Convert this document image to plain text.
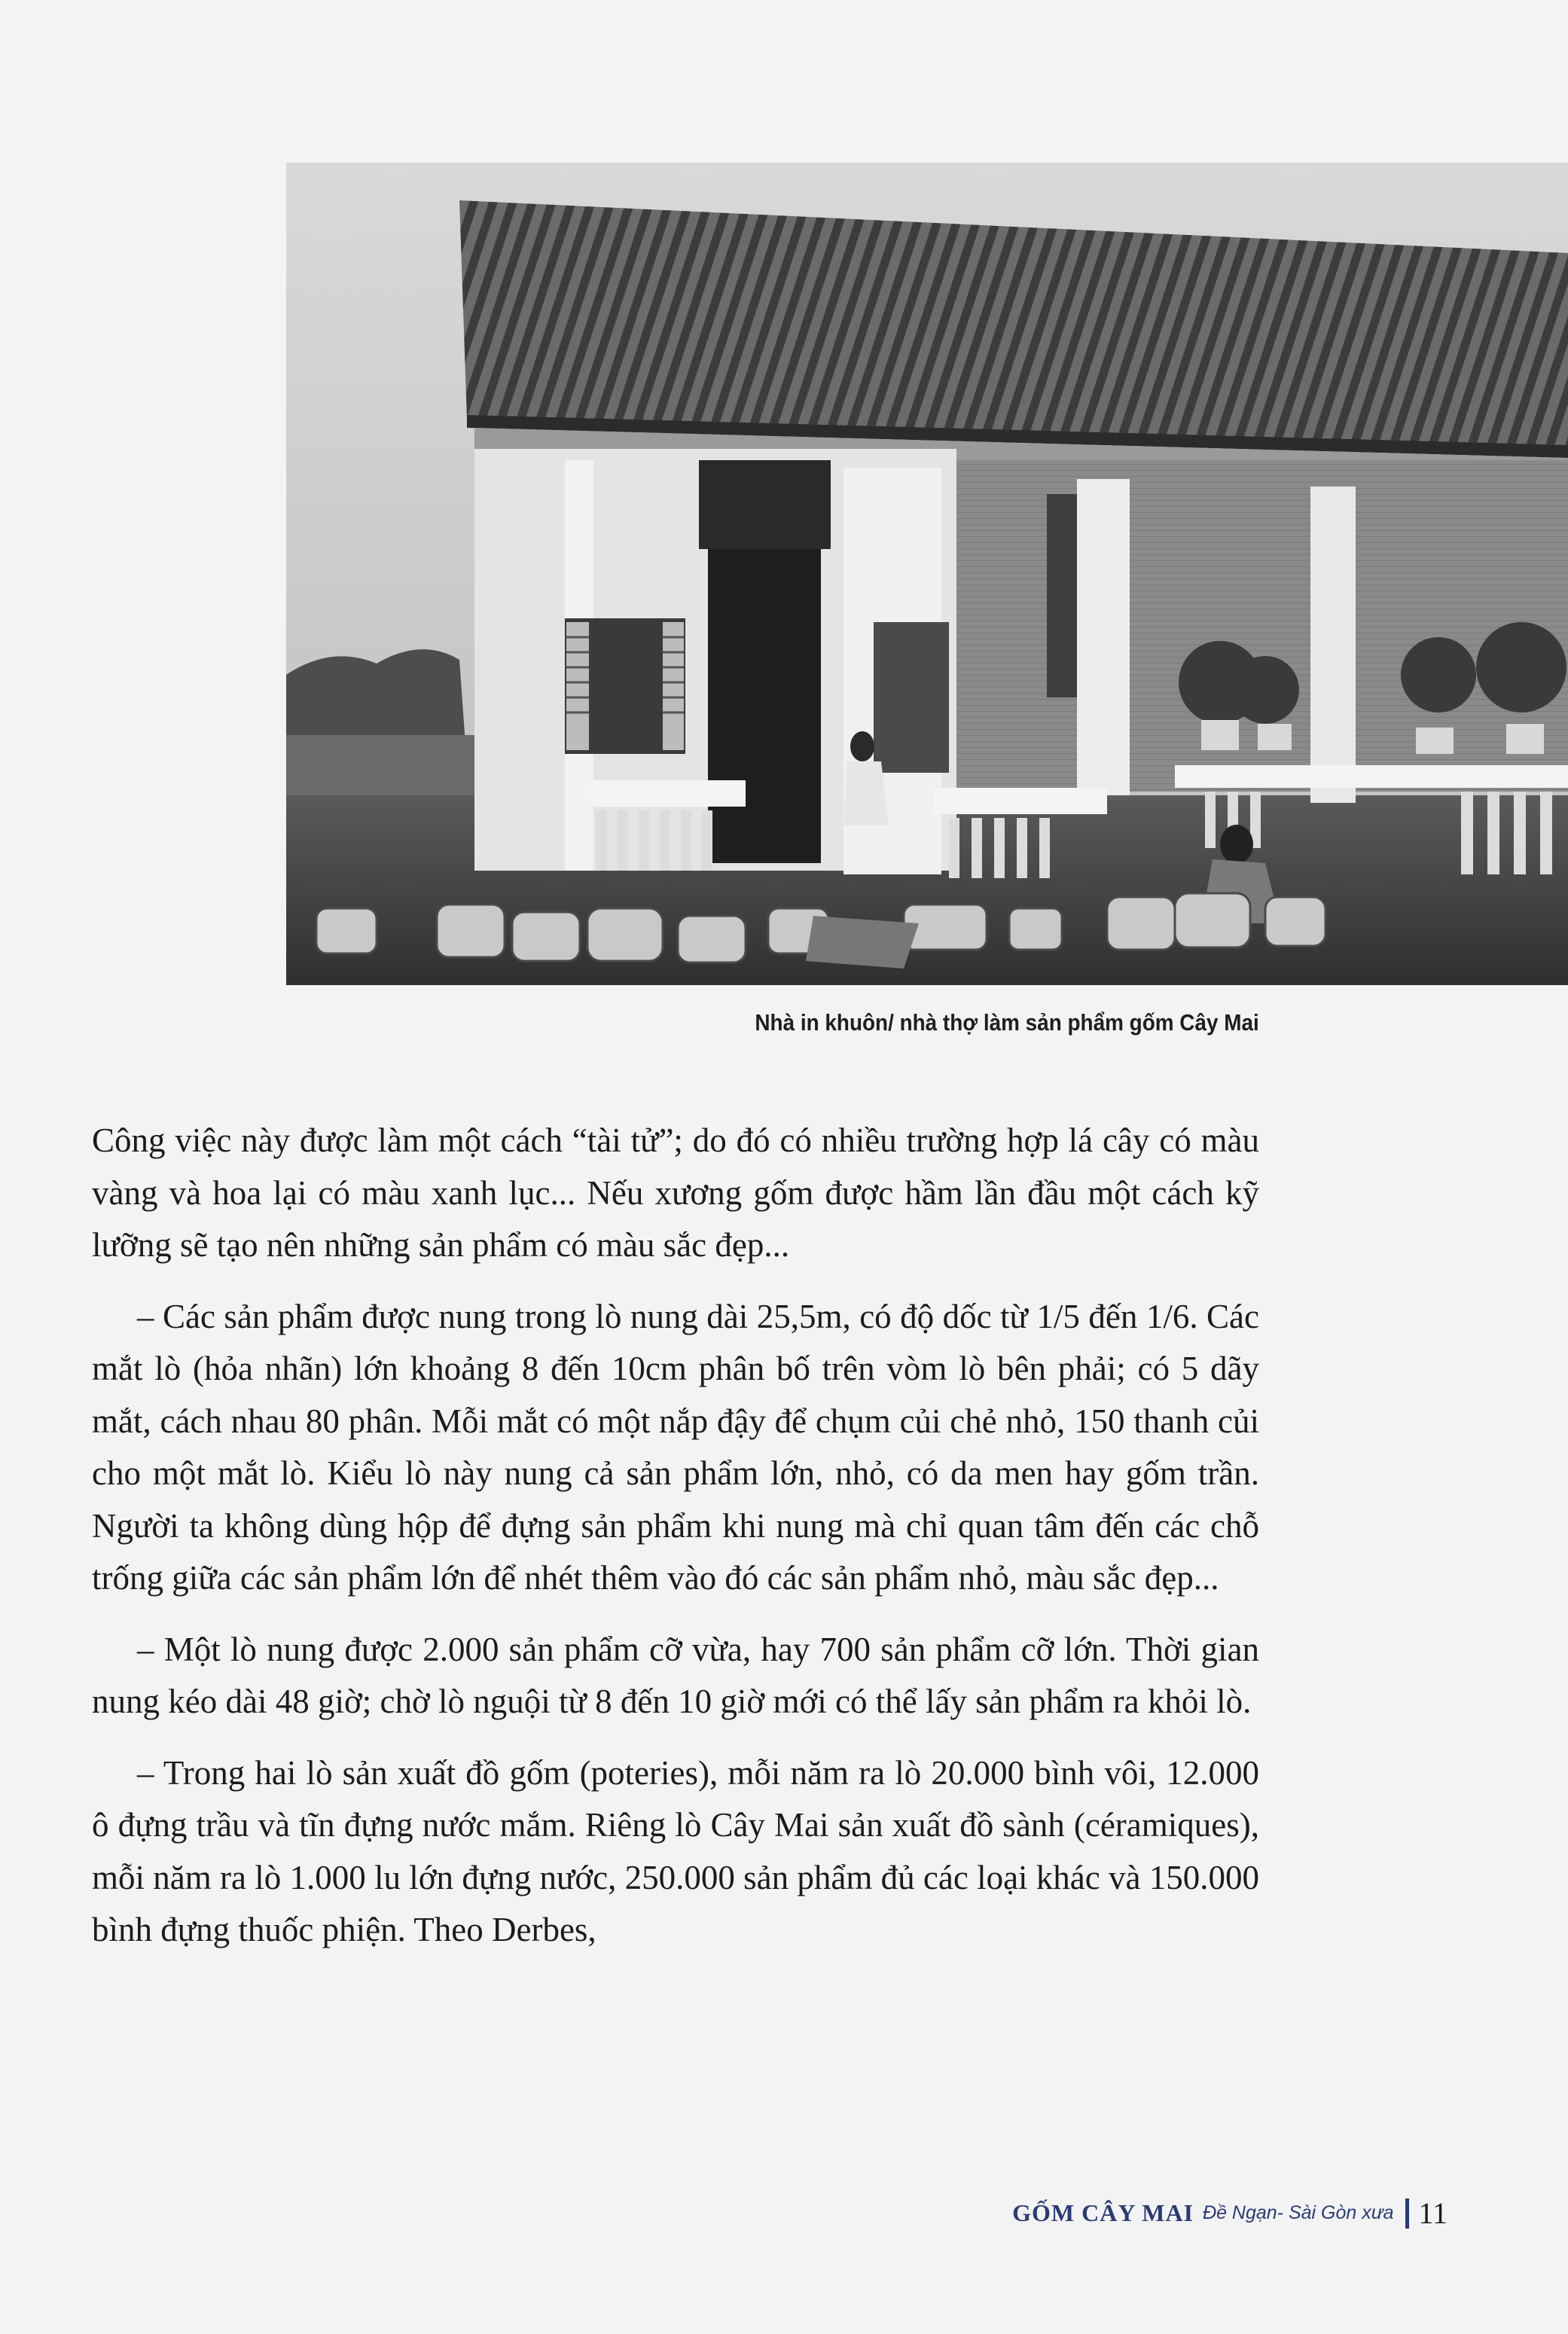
Nhà in khuôn/ nhà thợ làm sản phẩm gốm Cây Mai

Công việc này được làm một cách “tài tử”; do đó có nhiều trường hợp lá cây có màu vàng và hoa lại có màu xanh lục... Nếu xương gốm được hầm lần đầu một cách kỹ lưỡng sẽ tạo nên những sản phẩm có màu sắc đẹp...

– Các sản phẩm được nung trong lò nung dài 25,5m, có độ dốc từ 1/5 đến 1/6. Các mắt lò (hỏa nhãn) lớn khoảng 8 đến 10cm phân bố trên vòm lò bên phải; có 5 dãy mắt, cách nhau 80 phân. Mỗi mắt có một nắp đậy để chụm củi chẻ nhỏ, 150 thanh củi cho một mắt lò. Kiểu lò này nung cả sản phẩm lớn, nhỏ, có da men hay gốm trần. Người ta không dùng hộp để đựng sản phẩm khi nung mà chỉ quan tâm đến các chỗ trống giữa các sản phẩm lớn để nhét thêm vào đó các sản phẩm nhỏ, màu sắc đẹp...

– Một lò nung được 2.000 sản phẩm cỡ vừa, hay 700 sản phẩm cỡ lớn. Thời gian nung kéo dài 48 giờ; chờ lò nguội từ 8 đến 10 giờ mới có thể lấy sản phẩm ra khỏi lò.

– Trong hai lò sản xuất đồ gốm (poteries), mỗi năm ra lò 20.000 bình vôi, 12.000 ô đựng trầu và tĩn đựng nước mắm. Riêng lò Cây Mai sản xuất đồ sành (céramiques), mỗi năm ra lò 1.000 lu lớn đựng nước, 250.000 sản phẩm đủ các loại khác và 150.000 bình đựng thuốc phiện. Theo Derbes,

GỐM CÂY MAI Đề Ngạn- Sài Gòn xưa 11
